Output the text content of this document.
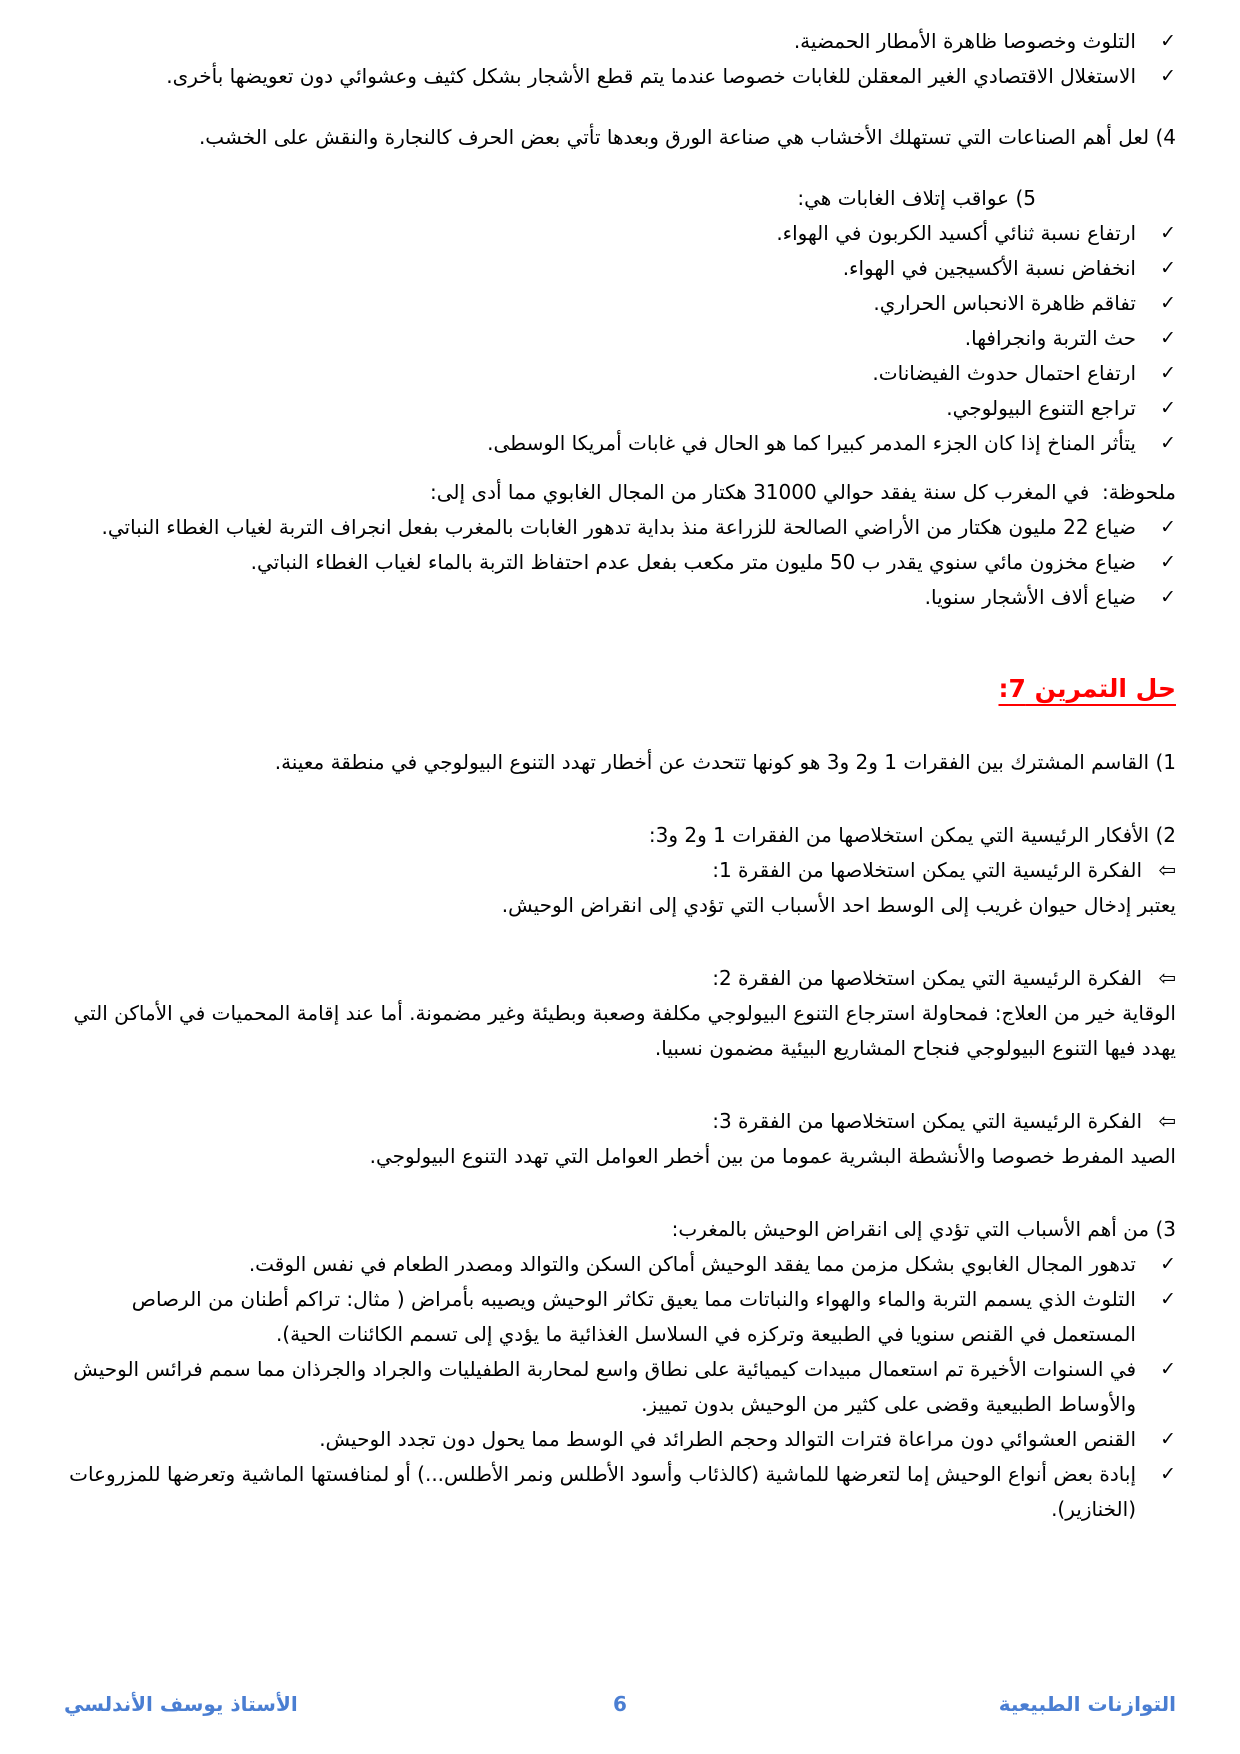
✓
التلوث وخصوصا ظاهرة الأمطار الحمضية.
✓
الاستغلال الاقتصادي الغير المعقلن للغابات خصوصا عندما يتم قطع الأشجار بشكل كثيف وعشوائي دون تعويضها بأخرى.

4) لعل أهم الصناعات التي تستهلك الأخشاب هي صناعة الورق وبعدها تأتي بعض الحرف كالنجارة والنقش على الخشب.

5) عواقب إتلاف الغابات هي:

✓
ارتفاع نسبة ثنائي أكسيد الكربون في الهواء.
✓
انخفاض نسبة الأكسيجين في الهواء.
✓
تفاقم ظاهرة الانحباس الحراري.
✓
حث التربة وانجرافها.
✓
ارتفاع احتمال حدوث الفيضانات.
✓
تراجع التنوع البيولوجي.
✓
يتأثر المناخ إذا كان الجزء المدمر كبيرا كما هو الحال في غابات أمريكا الوسطى.

ملحوظة:  في المغرب كل سنة يفقد حوالي 31000 هكتار من المجال الغابوي مما أدى إلى:

✓
ضياع 22 مليون هكتار من الأراضي الصالحة للزراعة منذ بداية تدهور الغابات بالمغرب بفعل انجراف التربة لغياب الغطاء النباتي.
✓
ضياع مخزون مائي سنوي يقدر ب 50 مليون متر مكعب بفعل عدم احتفاظ التربة بالماء لغياب الغطاء النباتي.
✓
ضياع ألاف الأشجار سنويا.
حل التمرين 7:

1) القاسم المشترك بين الفقرات 1 و2 و3 هو كونها تتحدث عن أخطار تهدد التنوع البيولوجي في منطقة معينة.

2) الأفكار الرئيسية التي يمكن استخلاصها من الفقرات 1 و2 و3:

⇦
الفكرة الرئيسية التي يمكن استخلاصها من الفقرة 1:

يعتبر إدخال حيوان غريب إلى الوسط احد الأسباب التي تؤدي إلى انقراض الوحيش.

⇦
الفكرة الرئيسية التي يمكن استخلاصها من الفقرة 2:

الوقاية خير من العلاج: فمحاولة استرجاع التنوع البيولوجي مكلفة وصعبة وبطيئة وغير مضمونة. أما عند إقامة المحميات في الأماكن التي يهدد فيها التنوع البيولوجي فنجاح المشاريع البيئية مضمون نسبيا.

⇦
الفكرة الرئيسية التي يمكن استخلاصها من الفقرة 3:

الصيد المفرط خصوصا والأنشطة البشرية عموما من بين أخطر العوامل التي تهدد التنوع البيولوجي.

3) من أهم الأسباب التي تؤدي إلى انقراض الوحيش بالمغرب:

✓
تدهور المجال الغابوي بشكل مزمن مما يفقد الوحيش أماكن السكن والتوالد ومصدر الطعام في نفس الوقت.
✓
التلوث الذي يسمم التربة والماء والهواء والنباتات مما يعيق تكاثر الوحيش ويصيبه بأمراض ( مثال: تراكم أطنان من الرصاص المستعمل في القنص سنويا في الطبيعة وتركزه في السلاسل الغذائية ما يؤدي إلى تسمم الكائنات الحية).
✓
في السنوات الأخيرة تم استعمال مبيدات كيميائية على نطاق واسع لمحاربة الطفيليات والجراد والجرذان مما سمم فرائس الوحيش والأوساط الطبيعية وقضى على كثير من الوحيش بدون تمييز.
✓
القنص العشوائي دون مراعاة فترات التوالد وحجم الطرائد في الوسط مما يحول دون تجدد الوحيش.
✓
إبادة بعض أنواع الوحيش إما لتعرضها للماشية (كالذئاب وأسود الأطلس ونمر الأطلس...) أو لمنافستها الماشية وتعرضها للمزروعات (الخنازير).
التوازنات الطبيعية
6
الأستاذ يوسف الأندلسي
